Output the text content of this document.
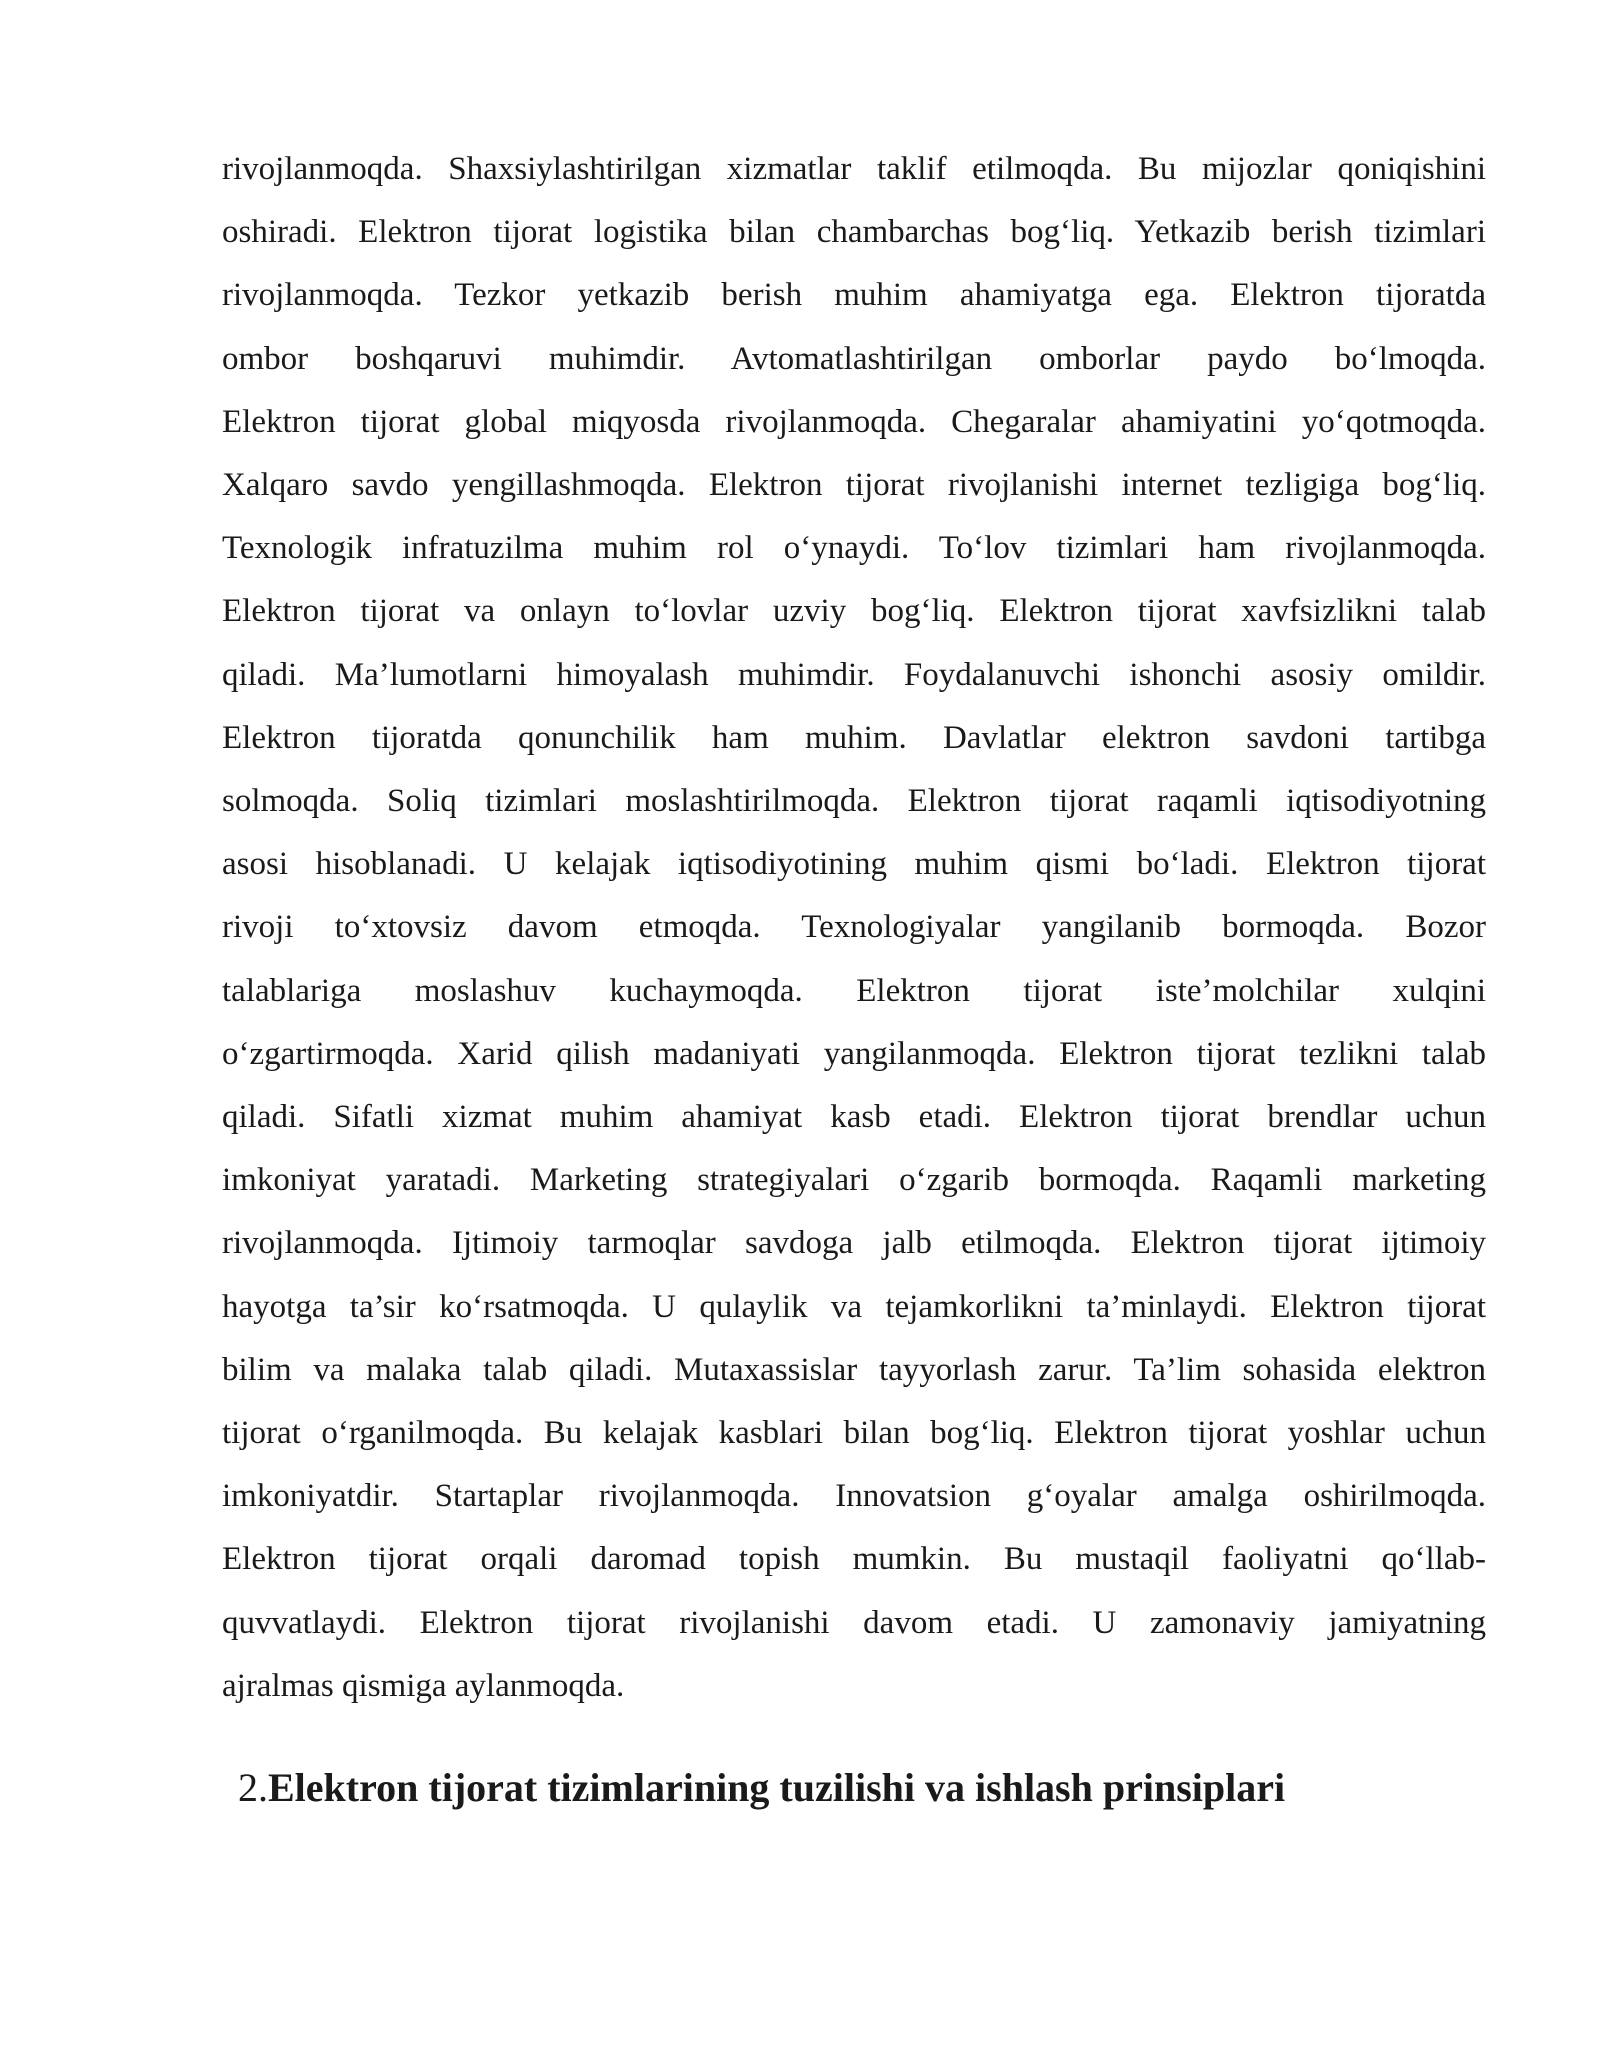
rivojlanmoqda. Shaxsiylashtirilgan xizmatlar taklif etilmoqda. Bu mijozlar qoniqishini
oshiradi. Elektron tijorat logistika bilan chambarchas bog‘liq. Yetkazib berish tizimlari
rivojlanmoqda. Tezkor yetkazib berish muhim ahamiyatga ega. Elektron tijoratda
ombor boshqaruvi muhimdir. Avtomatlashtirilgan omborlar paydo bo‘lmoqda.
Elektron tijorat global miqyosda rivojlanmoqda. Chegaralar ahamiyatini yo‘qotmoqda.
Xalqaro savdo yengillashmoqda. Elektron tijorat rivojlanishi internet tezligiga bog‘liq.
Texnologik infratuzilma muhim rol o‘ynaydi. To‘lov tizimlari ham rivojlanmoqda.
Elektron tijorat va onlayn to‘lovlar uzviy bog‘liq. Elektron tijorat xavfsizlikni talab
qiladi. Ma’lumotlarni himoyalash muhimdir. Foydalanuvchi ishonchi asosiy omildir.
Elektron tijoratda qonunchilik ham muhim. Davlatlar elektron savdoni tartibga
solmoqda. Soliq tizimlari moslashtirilmoqda. Elektron tijorat raqamli iqtisodiyotning
asosi hisoblanadi. U kelajak iqtisodiyotining muhim qismi bo‘ladi. Elektron tijorat
rivoji to‘xtovsiz davom etmoqda. Texnologiyalar yangilanib bormoqda. Bozor
talablariga moslashuv kuchaymoqda. Elektron tijorat iste’molchilar xulqini
o‘zgartirmoqda. Xarid qilish madaniyati yangilanmoqda. Elektron tijorat tezlikni talab
qiladi. Sifatli xizmat muhim ahamiyat kasb etadi. Elektron tijorat brendlar uchun
imkoniyat yaratadi. Marketing strategiyalari o‘zgarib bormoqda. Raqamli marketing
rivojlanmoqda. Ijtimoiy tarmoqlar savdoga jalb etilmoqda. Elektron tijorat ijtimoiy
hayotga ta’sir ko‘rsatmoqda. U qulaylik va tejamkorlikni ta’minlaydi. Elektron tijorat
bilim va malaka talab qiladi. Mutaxassislar tayyorlash zarur. Ta’lim sohasida elektron
tijorat o‘rganilmoqda. Bu kelajak kasblari bilan bog‘liq. Elektron tijorat yoshlar uchun
imkoniyatdir. Startaplar rivojlanmoqda. Innovatsion g‘oyalar amalga oshirilmoqda.
Elektron tijorat orqali daromad topish mumkin. Bu mustaqil faoliyatni qo‘llab-
quvvatlaydi. Elektron tijorat rivojlanishi davom etadi. U zamonaviy jamiyatning
ajralmas qismiga aylanmoqda.

2.Elektron tijorat tizimlarining tuzilishi va ishlash prinsiplari
